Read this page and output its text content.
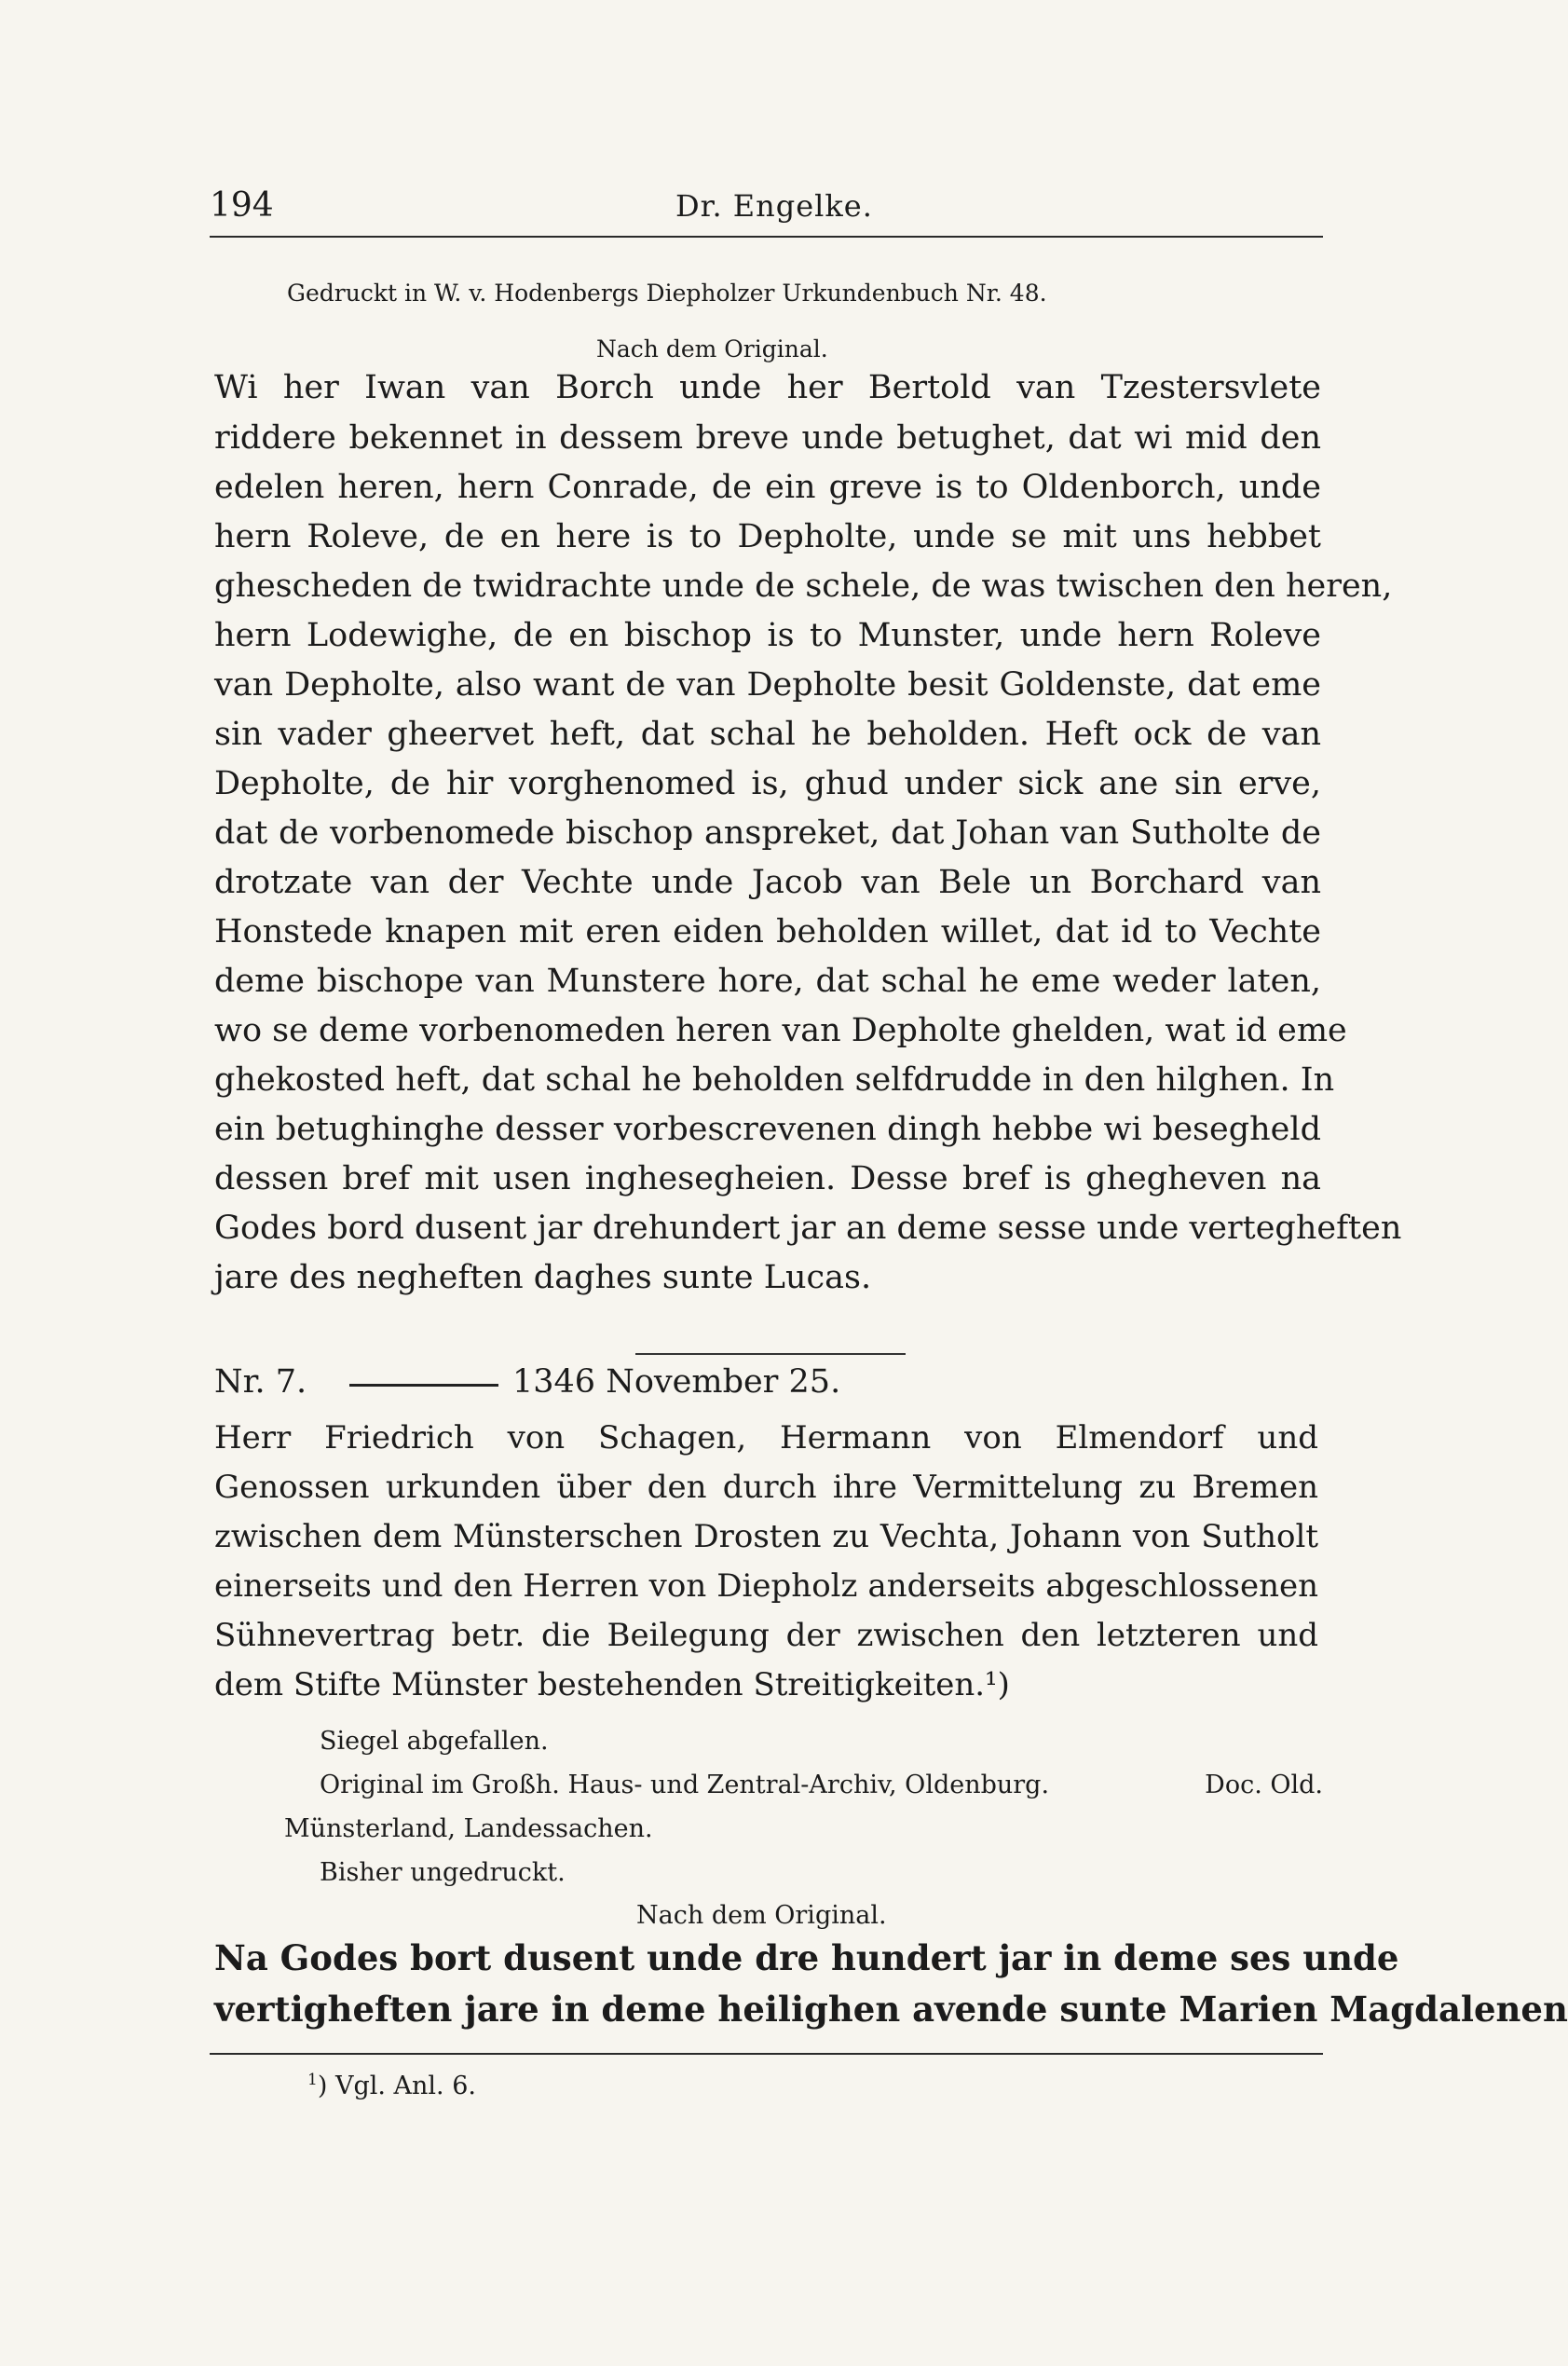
194	Dr. Engelke.
Gedruckt in W. v. Hodenbergs Diepholzer Urkundenbuch Nr. 48.
Nach dem Original.
Wi her Iwan van Borch unde her Bertold van Tzestersvlete
riddere bekennet in dessem breve unde betughet, dat wi mid den
edelen heren, hern Conrade, de ein greve is to Oldenborch, unde
hern Roleve, de en here is to Depholte, unde se mit uns hebbet
ghescheden de twidrachte unde de schele, de was twischen den heren,
hern Lodewighe, de en bischop is to Munster, unde hern Roleve
van Depholte, also want de van Depholte besit Goldenste, dat eme
sin vader gheervet heft, dat schal he beholden. Heft ock de van
Depholte, de hir vorghenomed is, ghud under sick ane sin erve,
dat de vorbenomede bischop anspreket, dat Johan van Sutholte de
drotzate van der Vechte unde Jacob van Bele un Borchard van
Honstede knapen mit eren eiden beholden willet, dat id to Vechte
deme bischope van Munstere hore, dat schal he eme weder laten,
wo se deme vorbenomeden heren van Depholte ghelden, wat id eme
ghekosted heft, dat schal he beholden selfdrudde in den hilghen. In
ein betughinghe desser vorbescrevenen dingh hebbe wi besegheld
dessen bref mit usen inghesegheien. Desse bref is ghegheven na
Godes bord dusent jar drehundert jar an deme sesse unde vertegheften
jare des negheften daghes sunte Lucas.
Nr. 7.	1346 November 25.
Herr Friedrich von Schagen, Hermann von Elmendorf und
Genossen urkunden über den durch ihre Vermittelung zu Bremen
zwischen dem Münsterschen Drosten zu Vechta, Johann von Sutholt
einerseits und den Herren von Diepholz anderseits abgeschlossenen
Sühnevertrag betr. die Beilegung der zwischen den letzteren und
dem Stifte Münster bestehenden Streitigkeiten.¹)
Siegel abgefallen.
Original im Großh. Haus- und Zentral-Archiv, Oldenburg.	Doc. Old.
Münsterland, Landessachen.
Bisher ungedruckt.
Nach dem Original.
Na Godes bort dusent unde dre hundert jar in deme ses unde
vertigheften jare in deme heilighen avende sunte Marien Magdalenen
$^1$) Vgl. Anl. 6.
